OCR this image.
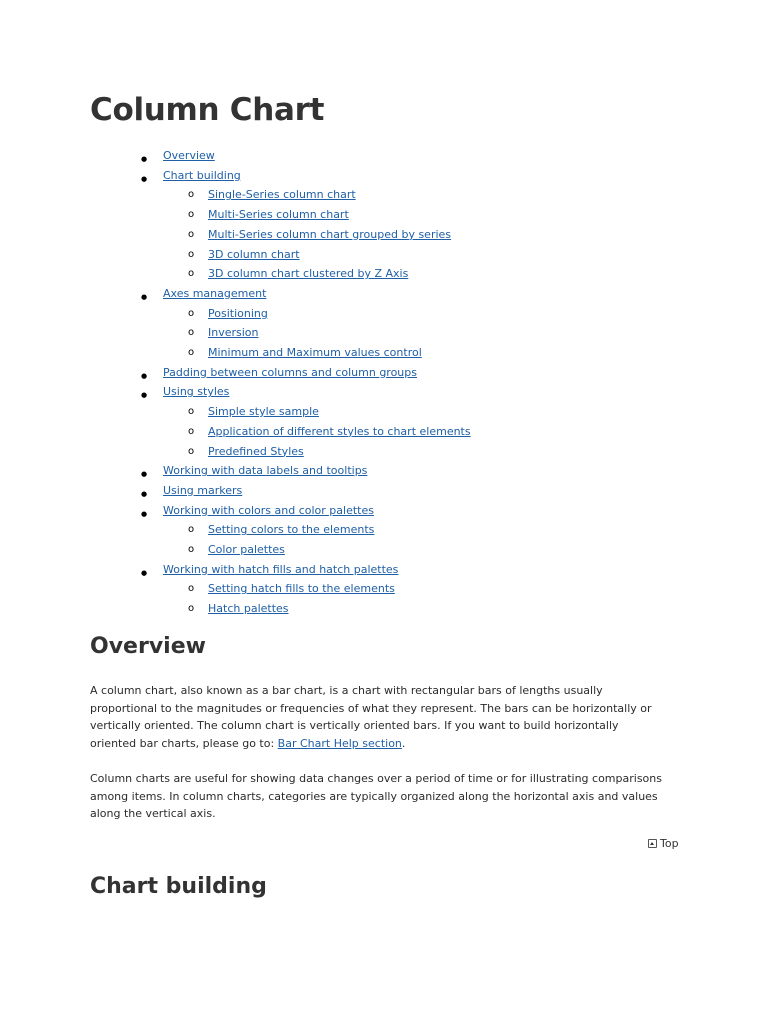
Column Chart
● Overview
● Chart building
o Single-Series column chart
o Multi-Series column chart
o Multi-Series column chart grouped by series
o 3D column chart
o 3D column chart clustered by Z Axis
● Axes management
o Positioning
o Inversion
o Minimum and Maximum values control
● Padding between columns and column groups
● Using styles
o Simple style sample
o Application of different styles to chart elements
o Predefined Styles
● Working with data labels and tooltips
● Using markers
● Working with colors and color palettes
o Setting colors to the elements
o Color palettes
● Working with hatch fills and hatch palettes
o Setting hatch fills to the elements
o Hatch palettes
Overview

A column chart, also known as a bar chart, is a chart with rectangular bars of lengths usually proportional to the magnitudes or frequencies of what they represent. The bars can be horizontally or vertically oriented. The column chart is vertically oriented bars. If you want to build horizontally oriented bar charts, please go to: Bar Chart Help section.

Column charts are useful for showing data changes over a period of time or for illustrating comparisons among items. In column charts, categories are typically organized along the horizontal axis and values along the vertical axis.

Top
Chart building
